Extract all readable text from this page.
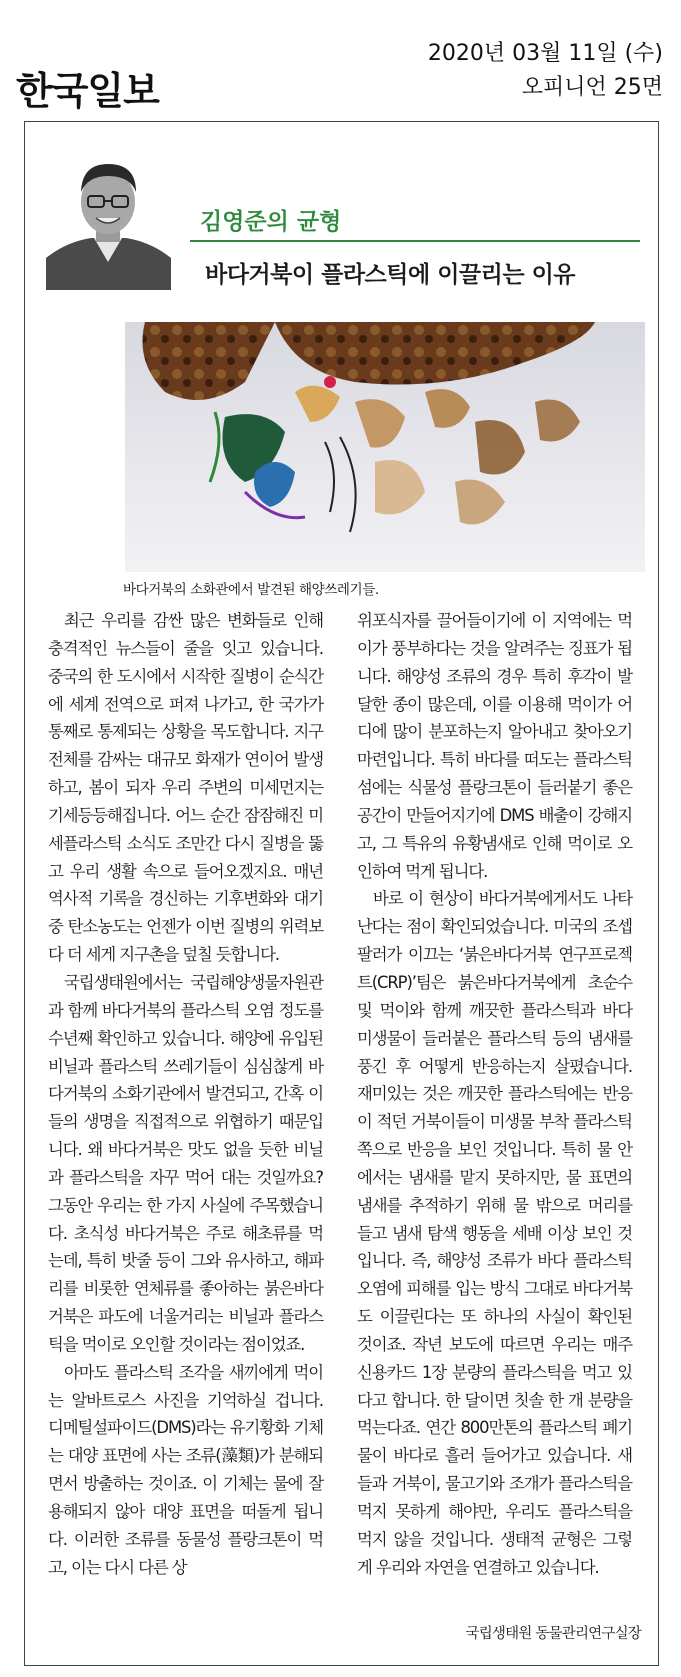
한국일보
2020년 03월 11일 (수)
오피니언 25면
김영준의 균형
바다거북이 플라스틱에 이끌리는 이유
바다거북의 소화관에서 발견된 해양쓰레기들.

최근 우리를 감싼 많은 변화들로 인해 충격적인 뉴스들이 줄을 잇고 있습니다. 중국의 한 도시에서 시작한 질병이 순식간에 세계 전역으로 퍼져 나가고, 한 국가가 통째로 통제되는 상황을 목도합니다. 지구 전체를 감싸는 대규모 화재가 연이어 발생하고, 봄이 되자 우리 주변의 미세먼지는 기세등등해집니다. 어느 순간 잠잠해진 미세플라스틱 소식도 조만간 다시 질병을 뚫고 우리 생활 속으로 들어오겠지요. 매년 역사적 기록을 경신하는 기후변화와 대기 중 탄소농도는 언젠가 이번 질병의 위력보다 더 세게 지구촌을 덮칠 듯합니다.

국립생태원에서는 국립해양생물자원관과 함께 바다거북의 플라스틱 오염 정도를 수년째 확인하고 있습니다. 해양에 유입된 비닐과 플라스틱 쓰레기들이 심심찮게 바다거북의 소화기관에서 발견되고, 간혹 이들의 생명을 직접적으로 위협하기 때문입니다. 왜 바다거북은 맛도 없을 듯한 비닐과 플라스틱을 자꾸 먹어 대는 것일까요? 그동안 우리는 한 가지 사실에 주목했습니다. 초식성 바다거북은 주로 해초류를 먹는데, 특히 밧줄 등이 그와 유사하고, 해파리를 비롯한 연체류를 좋아하는 붉은바다거북은 파도에 너울거리는 비닐과 플라스틱을 먹이로 오인할 것이라는 점이었죠.

아마도 플라스틱 조각을 새끼에게 먹이는 알바트로스 사진을 기억하실 겁니다. 디메틸설파이드(DMS)라는 유기황화 기체는 대양 표면에 사는 조류(藻類)가 분해되면서 방출하는 것이죠. 이 기체는 물에 잘 용해되지 않아 대양 표면을 떠돌게 됩니다. 이러한 조류를 동물성 플랑크톤이 먹고, 이는 다시 다른 상

위포식자를 끌어들이기에 이 지역에는 먹이가 풍부하다는 것을 알려주는 징표가 됩니다. 해양성 조류의 경우 특히 후각이 발달한 종이 많은데, 이를 이용해 먹이가 어디에 많이 분포하는지 알아내고 찾아오기 마련입니다. 특히 바다를 떠도는 플라스틱 섬에는 식물성 플랑크톤이 들러붙기 좋은 공간이 만들어지기에 DMS 배출이 강해지고, 그 특유의 유황냄새로 인해 먹이로 오인하여 먹게 됩니다.

바로 이 현상이 바다거북에게서도 나타난다는 점이 확인되었습니다. 미국의 조셉 팔러가 이끄는 ‘붉은바다거북 연구프로젝트(CRP)’팀은 붉은바다거북에게 초순수 및 먹이와 함께 깨끗한 플라스틱과 바다 미생물이 들러붙은 플라스틱 등의 냄새를 풍긴 후 어떻게 반응하는지 살폈습니다. 재미있는 것은 깨끗한 플라스틱에는 반응이 적던 거북이들이 미생물 부착 플라스틱 쪽으로 반응을 보인 것입니다. 특히 물 안에서는 냄새를 맡지 못하지만, 물 표면의 냄새를 추적하기 위해 물 밖으로 머리를 들고 냄새 탐색 행동을 세배 이상 보인 것입니다. 즉, 해양성 조류가 바다 플라스틱 오염에 피해를 입는 방식 그대로 바다거북도 이끌린다는 또 하나의 사실이 확인된 것이죠. 작년 보도에 따르면 우리는 매주 신용카드 1장 분량의 플라스틱을 먹고 있다고 합니다. 한 달이면 칫솔 한 개 분량을 먹는다죠. 연간 800만톤의 플라스틱 폐기물이 바다로 흘러 들어가고 있습니다. 새들과 거북이, 물고기와 조개가 플라스틱을 먹지 못하게 해야만, 우리도 플라스틱을 먹지 않을 것입니다. 생태적 균형은 그렇게 우리와 자연을 연결하고 있습니다.

국립생태원 동물관리연구실장
